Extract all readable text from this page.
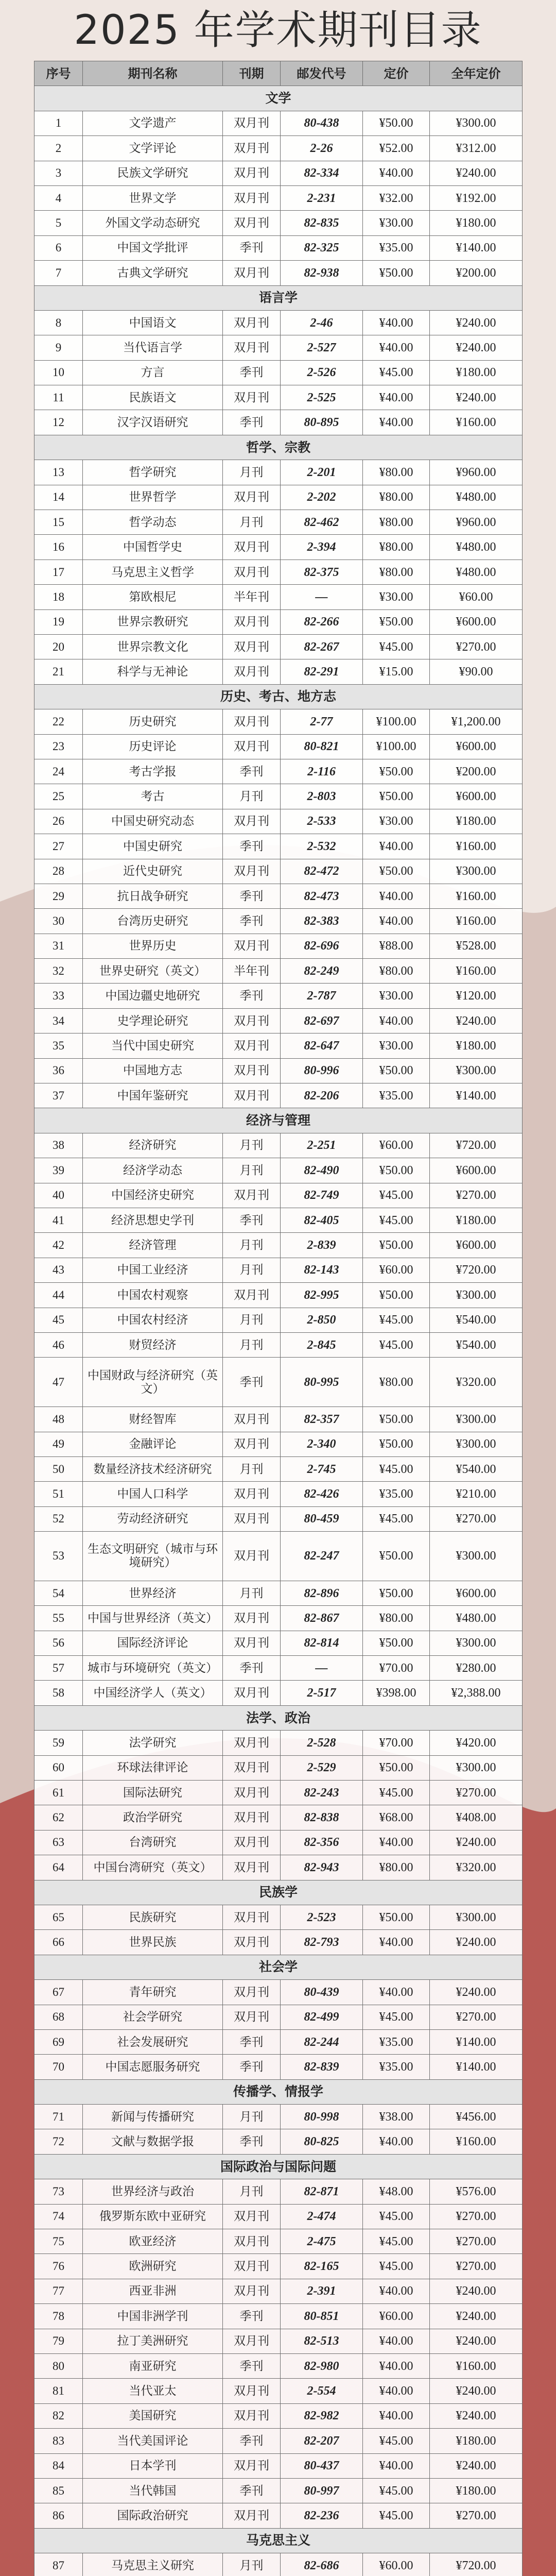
2025 年学术期刊目录
序号	期刊名称	刊期	邮发代号	定价	全年定价
文学					
1	文学遗产	双月刊	80-438	¥50.00	¥300.00
2	文学评论	双月刊	2-26	¥52.00	¥312.00
3	民族文学研究	双月刊	82-334	¥40.00	¥240.00
4	世界文学	双月刊	2-231	¥32.00	¥192.00
5	外国文学动态研究	双月刊	82-835	¥30.00	¥180.00
6	中国文学批评	季刊	82-325	¥35.00	¥140.00
7	古典文学研究	双月刊	82-938	¥50.00	¥200.00
语言学					
8	中国语文	双月刊	2-46	¥40.00	¥240.00
9	当代语言学	双月刊	2-527	¥40.00	¥240.00
10	方言	季刊	2-526	¥45.00	¥180.00
11	民族语文	双月刊	2-525	¥40.00	¥240.00
12	汉字汉语研究	季刊	80-895	¥40.00	¥160.00
哲学、宗教					
13	哲学研究	月刊	2-201	¥80.00	¥960.00
14	世界哲学	双月刊	2-202	¥80.00	¥480.00
15	哲学动态	月刊	82-462	¥80.00	¥960.00
16	中国哲学史	双月刊	2-394	¥80.00	¥480.00
17	马克思主义哲学	双月刊	82-375	¥80.00	¥480.00
18	第欧根尼	半年刊	—	¥30.00	¥60.00
19	世界宗教研究	双月刊	82-266	¥50.00	¥600.00
20	世界宗教文化	双月刊	82-267	¥45.00	¥270.00
21	科学与无神论	双月刊	82-291	¥15.00	¥90.00
历史、考古、地方志					
22	历史研究	双月刊	2-77	¥100.00	¥1,200.00
23	历史评论	双月刊	80-821	¥100.00	¥600.00
24	考古学报	季刊	2-116	¥50.00	¥200.00
25	考古	月刊	2-803	¥50.00	¥600.00
26	中国史研究动态	双月刊	2-533	¥30.00	¥180.00
27	中国史研究	季刊	2-532	¥40.00	¥160.00
28	近代史研究	双月刊	82-472	¥50.00	¥300.00
29	抗日战争研究	季刊	82-473	¥40.00	¥160.00
30	台湾历史研究	季刊	82-383	¥40.00	¥160.00
31	世界历史	双月刊	82-696	¥88.00	¥528.00
32	世界史研究（英文）	半年刊	82-249	¥80.00	¥160.00
33	中国边疆史地研究	季刊	2-787	¥30.00	¥120.00
34	史学理论研究	双月刊	82-697	¥40.00	¥240.00
35	当代中国史研究	双月刊	82-647	¥30.00	¥180.00
36	中国地方志	双月刊	80-996	¥50.00	¥300.00
37	中国年鉴研究	双月刊	82-206	¥35.00	¥140.00
经济与管理					
38	经济研究	月刊	2-251	¥60.00	¥720.00
39	经济学动态	月刊	82-490	¥50.00	¥600.00
40	中国经济史研究	双月刊	82-749	¥45.00	¥270.00
41	经济思想史学刊	季刊	82-405	¥45.00	¥180.00
42	经济管理	月刊	2-839	¥50.00	¥600.00
43	中国工业经济	月刊	82-143	¥60.00	¥720.00
44	中国农村观察	双月刊	82-995	¥50.00	¥300.00
45	中国农村经济	月刊	2-850	¥45.00	¥540.00
46	财贸经济	月刊	2-845	¥45.00	¥540.00
47	中国财政与经济研究（英文）	季刊	80-995	¥80.00	¥320.00
48	财经智库	双月刊	82-357	¥50.00	¥300.00
49	金融评论	双月刊	2-340	¥50.00	¥300.00
50	数量经济技术经济研究	月刊	2-745	¥45.00	¥540.00
51	中国人口科学	双月刊	82-426	¥35.00	¥210.00
52	劳动经济研究	双月刊	80-459	¥45.00	¥270.00
53	生态文明研究（城市与环境研究）	双月刊	82-247	¥50.00	¥300.00
54	世界经济	月刊	82-896	¥50.00	¥600.00
55	中国与世界经济（英文）	双月刊	82-867	¥80.00	¥480.00
56	国际经济评论	双月刊	82-814	¥50.00	¥300.00
57	城市与环境研究（英文）	季刊	—	¥70.00	¥280.00
58	中国经济学人（英文）	双月刊	2-517	¥398.00	¥2,388.00
法学、政治					
59	法学研究	双月刊	2-528	¥70.00	¥420.00
60	环球法律评论	双月刊	2-529	¥50.00	¥300.00
61	国际法研究	双月刊	82-243	¥45.00	¥270.00
62	政治学研究	双月刊	82-838	¥68.00	¥408.00
63	台湾研究	双月刊	82-356	¥40.00	¥240.00
64	中国台湾研究（英文）	双月刊	82-943	¥80.00	¥320.00
民族学					
65	民族研究	双月刊	2-523	¥50.00	¥300.00
66	世界民族	双月刊	82-793	¥40.00	¥240.00
社会学					
67	青年研究	双月刊	80-439	¥40.00	¥240.00
68	社会学研究	双月刊	82-499	¥45.00	¥270.00
69	社会发展研究	季刊	82-244	¥35.00	¥140.00
70	中国志愿服务研究	季刊	82-839	¥35.00	¥140.00
传播学、情报学					
71	新闻与传播研究	月刊	80-998	¥38.00	¥456.00
72	文献与数据学报	季刊	80-825	¥40.00	¥160.00
国际政治与国际问题					
73	世界经济与政治	月刊	82-871	¥48.00	¥576.00
74	俄罗斯东欧中亚研究	双月刊	2-474	¥45.00	¥270.00
75	欧亚经济	双月刊	2-475	¥45.00	¥270.00
76	欧洲研究	双月刊	82-165	¥45.00	¥270.00
77	西亚非洲	双月刊	2-391	¥40.00	¥240.00
78	中国非洲学刊	季刊	80-851	¥60.00	¥240.00
79	拉丁美洲研究	双月刊	82-513	¥40.00	¥240.00
80	南亚研究	季刊	82-980	¥40.00	¥160.00
81	当代亚太	双月刊	2-554	¥40.00	¥240.00
82	美国研究	双月刊	82-982	¥40.00	¥240.00
83	当代美国评论	季刊	82-207	¥45.00	¥180.00
84	日本学刊	双月刊	80-437	¥40.00	¥240.00
85	当代韩国	季刊	80-997	¥45.00	¥180.00
86	国际政治研究	双月刊	82-236	¥45.00	¥270.00
马克思主义					
87	马克思主义研究	月刊	82-686	¥60.00	¥720.00
